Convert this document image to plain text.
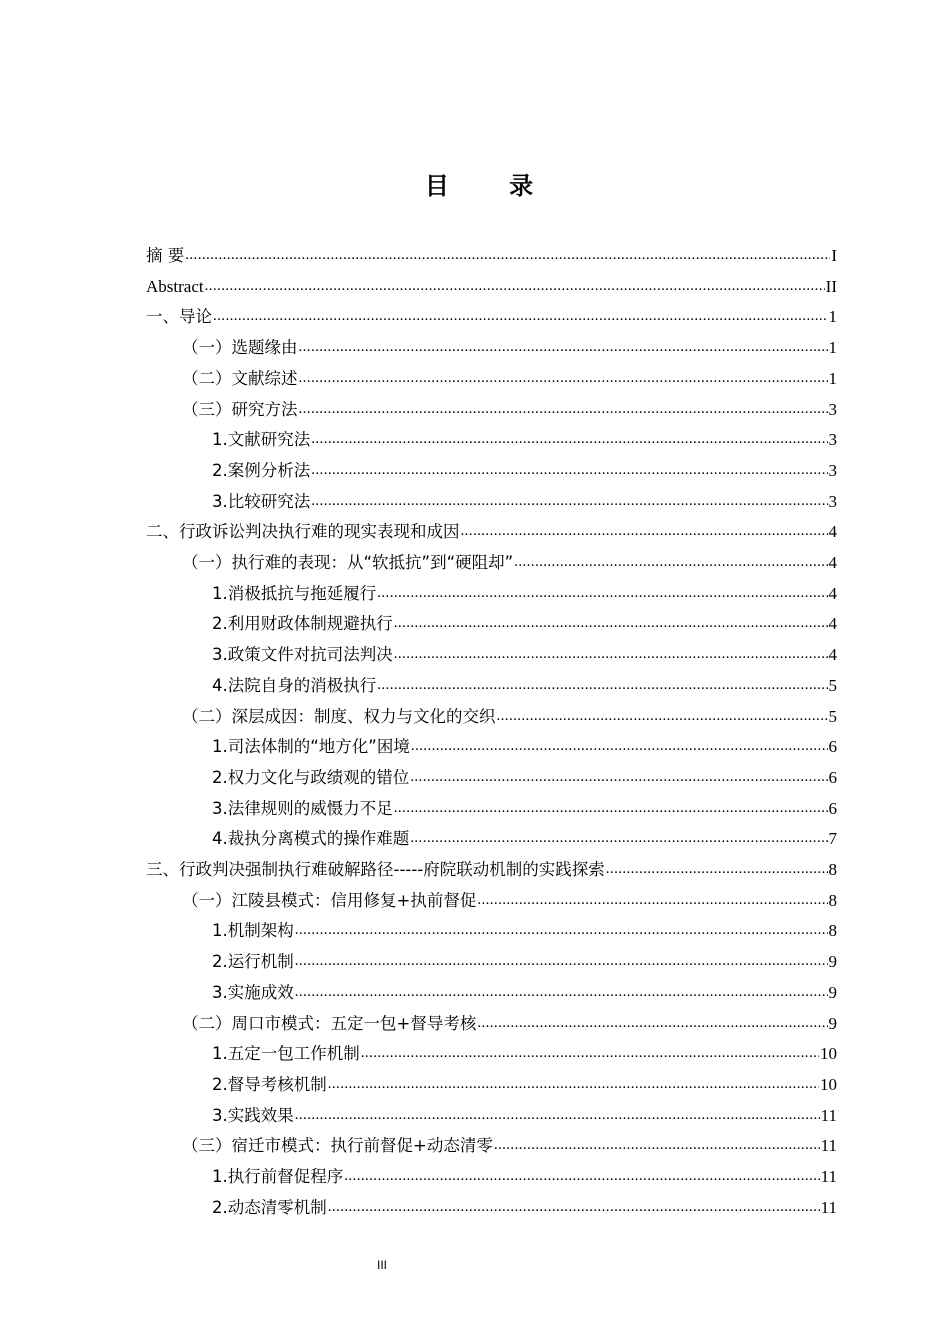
目 录
摘 要 .....	I
Abstract .....	II
一、导论 .....	1
（一）选题缘由 .....	1
（二）文献综述 .....	1
（三）研究方法 .....	3
1.文献研究法 .....	3
2.案例分析法 .....	3
3.比较研究法 .....	3
二、行政诉讼判决执行难的现实表现和成因 .....	4
（一）执行难的表现：从“软抵抗”到“硬阻却” .....	4
1.消极抵抗与拖延履行 .....	4
2.利用财政体制规避执行 .....	4
3.政策文件对抗司法判决 .....	4
4.法院自身的消极执行 .....	5
（二）深层成因：制度、权力与文化的交织 .....	5
1.司法体制的“地方化”困境 .....	6
2.权力文化与政绩观的错位 .....	6
3.法律规则的威慑力不足 .....	6
4.裁执分离模式的操作难题 .....	7
三、行政判决强制执行难破解路径-----府院联动机制的实践探索 .....	8
（一）江陵县模式：信用修复+执前督促 .....	8
1.机制架构 .....	8
2.运行机制 .....	9
3.实施成效 .....	9
（二）周口市模式：五定一包+督导考核 .....	9
1.五定一包工作机制 .....	10
2.督导考核机制 .....	10
3.实践效果 .....	11
（三）宿迁市模式：执行前督促+动态清零 .....	11
1.执行前督促程序 .....	11
2.动态清零机制 .....	11
III
